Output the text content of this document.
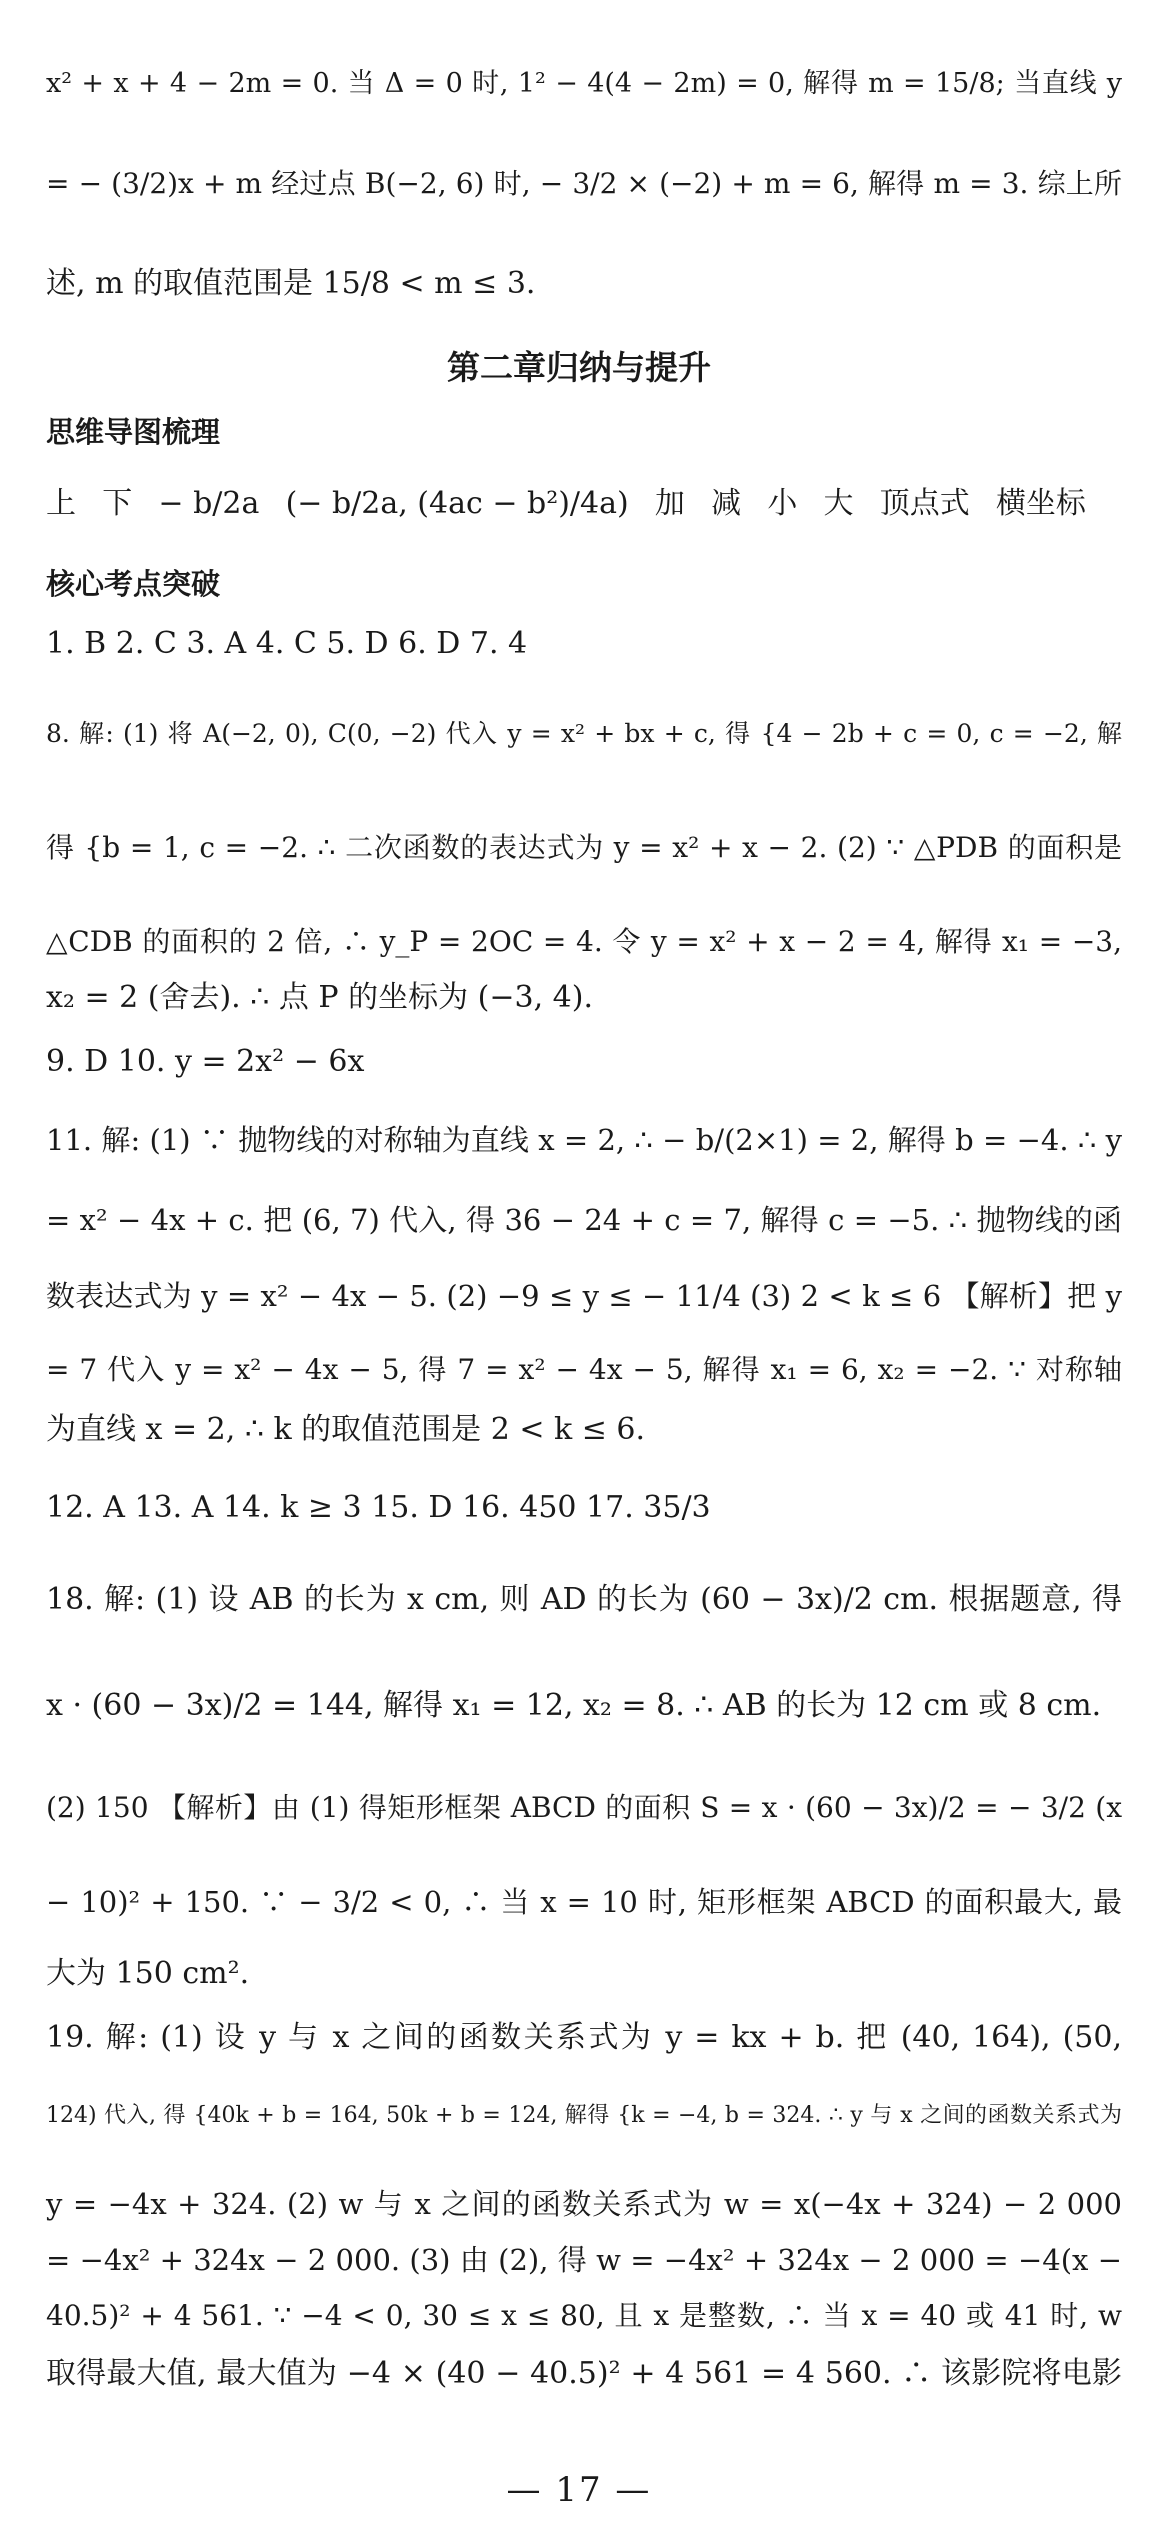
x² + x + 4 − 2m = 0. 当 Δ = 0 时, 1² − 4(4 − 2m) = 0, 解得 m = 15/8; 当直线 y
= − (3/2)x + m 经过点 B(−2, 6) 时, − 3/2 × (−2) + m = 6, 解得 m = 3. 综上所
述, m 的取值范围是 15/8 < m ≤ 3.
第二章归纳与提升
思维导图梳理
上 下 − b/2a (− b/2a, (4ac − b²)/4a) 加 减 小 大 顶点式 横坐标
核心考点突破
1. B 2. C 3. A 4. C 5. D 6. D 7. 4
8. 解: (1) 将 A(−2, 0), C(0, −2) 代入 y = x² + bx + c, 得 {4 − 2b + c = 0, c = −2, 解
得 {b = 1, c = −2. ∴ 二次函数的表达式为 y = x² + x − 2. (2) ∵ △PDB 的面积是
△CDB 的面积的 2 倍, ∴ y_P = 2OC = 4. 令 y = x² + x − 2 = 4, 解得 x₁ = −3,
x₂ = 2 (舍去). ∴ 点 P 的坐标为 (−3, 4).
9. D 10. y = 2x² − 6x
11. 解: (1) ∵ 抛物线的对称轴为直线 x = 2, ∴ − b/(2×1) = 2, 解得 b = −4. ∴ y
= x² − 4x + c. 把 (6, 7) 代入, 得 36 − 24 + c = 7, 解得 c = −5. ∴ 抛物线的函
数表达式为 y = x² − 4x − 5. (2) −9 ≤ y ≤ − 11/4 (3) 2 < k ≤ 6 【解析】把 y
= 7 代入 y = x² − 4x − 5, 得 7 = x² − 4x − 5, 解得 x₁ = 6, x₂ = −2. ∵ 对称轴
为直线 x = 2, ∴ k 的取值范围是 2 < k ≤ 6.
12. A 13. A 14. k ≥ 3 15. D 16. 450 17. 35/3
18. 解: (1) 设 AB 的长为 x cm, 则 AD 的长为 (60 − 3x)/2 cm. 根据题意, 得
x · (60 − 3x)/2 = 144, 解得 x₁ = 12, x₂ = 8. ∴ AB 的长为 12 cm 或 8 cm.
(2) 150 【解析】由 (1) 得矩形框架 ABCD 的面积 S = x · (60 − 3x)/2 = − 3/2 (x
− 10)² + 150. ∵ − 3/2 < 0, ∴ 当 x = 10 时, 矩形框架 ABCD 的面积最大, 最
大为 150 cm².
19. 解: (1) 设 y 与 x 之间的函数关系式为 y = kx + b. 把 (40, 164), (50,
124) 代入, 得 {40k + b = 164, 50k + b = 124, 解得 {k = −4, b = 324. ∴ y 与 x 之间的函数关系式为
y = −4x + 324. (2) w 与 x 之间的函数关系式为 w = x(−4x + 324) − 2 000
= −4x² + 324x − 2 000. (3) 由 (2), 得 w = −4x² + 324x − 2 000 = −4(x −
40.5)² + 4 561. ∵ −4 < 0, 30 ≤ x ≤ 80, 且 x 是整数, ∴ 当 x = 40 或 41 时, w
取得最大值, 最大值为 −4 × (40 − 40.5)² + 4 561 = 4 560. ∴ 该影院将电影
— 17 —
